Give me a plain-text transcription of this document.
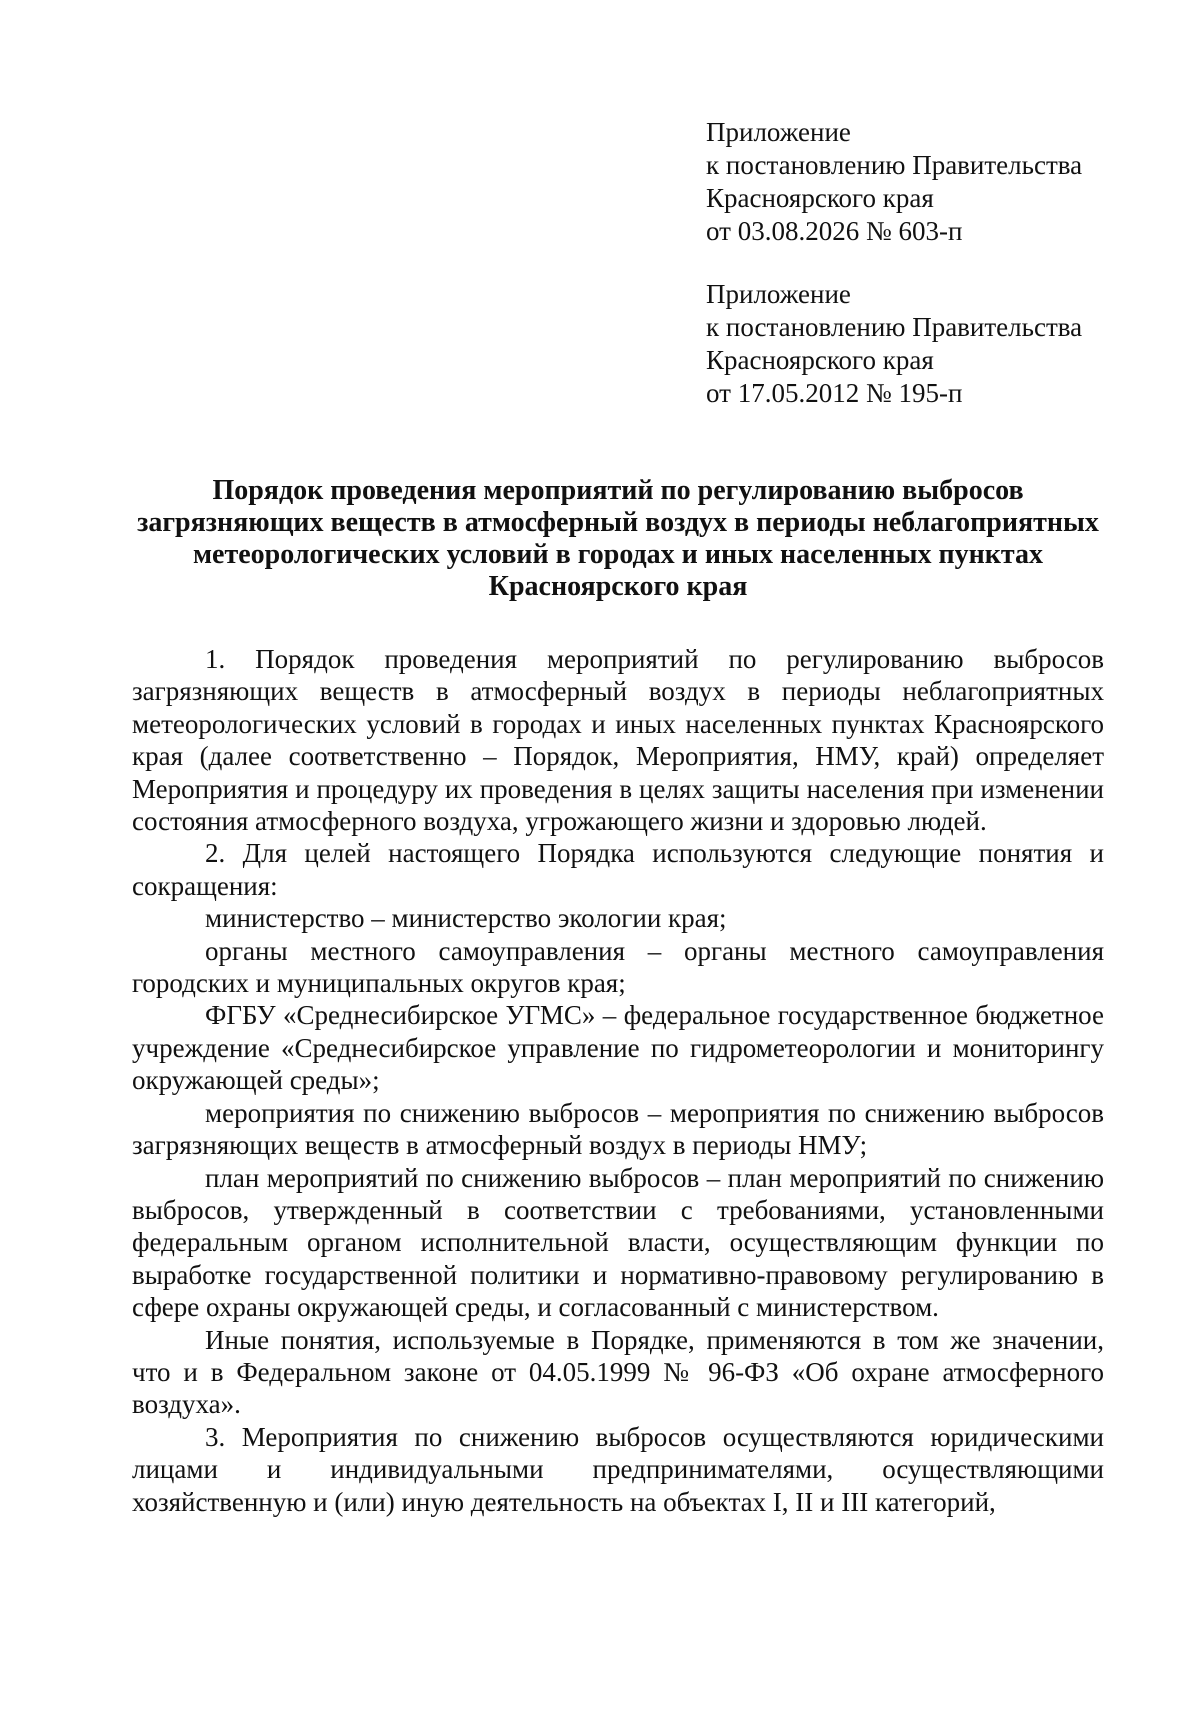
Приложение
к постановлению Правительства
Красноярского края
от 03.08.2026 № 603-п
Приложение
к постановлению Правительства
Красноярского края
от 17.05.2012 № 195-п
Порядок проведения мероприятий по регулированию выбросов загрязняющих веществ в атмосферный воздух в периоды неблагоприятных метеорологических условий в городах и иных населенных пунктах Красноярского края

1. Порядок проведения мероприятий по регулированию выбросов загрязняющих веществ в атмосферный воздух в периоды неблагоприятных метеорологических условий в городах и иных населенных пунктах Красноярского края (далее соответственно – Порядок, Мероприятия, НМУ, край) определяет Мероприятия и процедуру их проведения в целях защиты населения при изменении состояния атмосферного воздуха, угрожающего жизни и здоровью людей.

2. Для целей настоящего Порядка используются следующие понятия и сокращения:

министерство – министерство экологии края;

органы местного самоуправления – органы местного самоуправления городских и муниципальных округов края;

ФГБУ «Среднесибирское УГМС» – федеральное государственное бюджетное учреждение «Среднесибирское управление по гидрометеорологии и мониторингу окружающей среды»;

мероприятия по снижению выбросов – мероприятия по снижению выбросов загрязняющих веществ в атмосферный воздух в периоды НМУ;

план мероприятий по снижению выбросов – план мероприятий по снижению выбросов, утвержденный в соответствии с требованиями, установленными федеральным органом исполнительной власти, осуществляющим функции по выработке государственной политики и нормативно-правовому регулированию в сфере охраны окружающей среды, и согласованный с министерством.

Иные понятия, используемые в Порядке, применяются в том же значении, что и в Федеральном законе от 04.05.1999 № 96-ФЗ «Об охране атмосферного воздуха».

3. Мероприятия по снижению выбросов осуществляются юридическими лицами и индивидуальными предпринимателями, осуществляющими хозяйственную и (или) иную деятельность на объектах I, II и III категорий,
